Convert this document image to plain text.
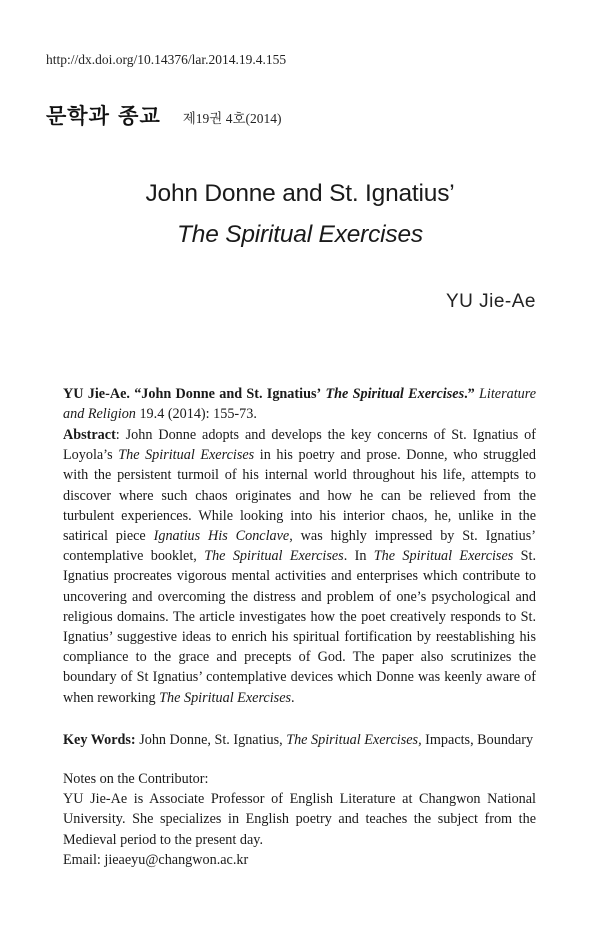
http://dx.doi.org/10.14376/lar.2014.19.4.155
문학과 종교 제19권 4호(2014)
John Donne and St. Ignatius’
The Spiritual Exercises
YU Jie-Ae
YU Jie-Ae. “John Donne and St. Ignatius’ The Spiritual Exercises.” Literature and Religion 19.4 (2014): 155-73.
Abstract: John Donne adopts and develops the key concerns of St. Ignatius of Loyola’s The Spiritual Exercises in his poetry and prose. Donne, who struggled with the persistent turmoil of his internal world throughout his life, attempts to discover where such chaos originates and how he can be relieved from the turbulent experiences. While looking into his interior chaos, he, unlike in the satirical piece Ignatius His Conclave, was highly impressed by St. Ignatius’ contemplative booklet, The Spiritual Exercises. In The Spiritual Exercises St. Ignatius procreates vigorous mental activities and enterprises which contribute to uncovering and overcoming the distress and problem of one’s psychological and religious domains. The article investigates how the poet creatively responds to St. Ignatius’ suggestive ideas to enrich his spiritual fortification by reestablishing his compliance to the grace and precepts of God. The paper also scrutinizes the boundary of St Ignatius’ contemplative devices which Donne was keenly aware of when reworking The Spiritual Exercises.
Key Words: John Donne, St. Ignatius, The Spiritual Exercises, Impacts, Boundary
Notes on the Contributor:
YU Jie-Ae is Associate Professor of English Literature at Changwon National University. She specializes in English poetry and teaches the subject from the Medieval period to the present day.
Email: jieaeyu@changwon.ac.kr
